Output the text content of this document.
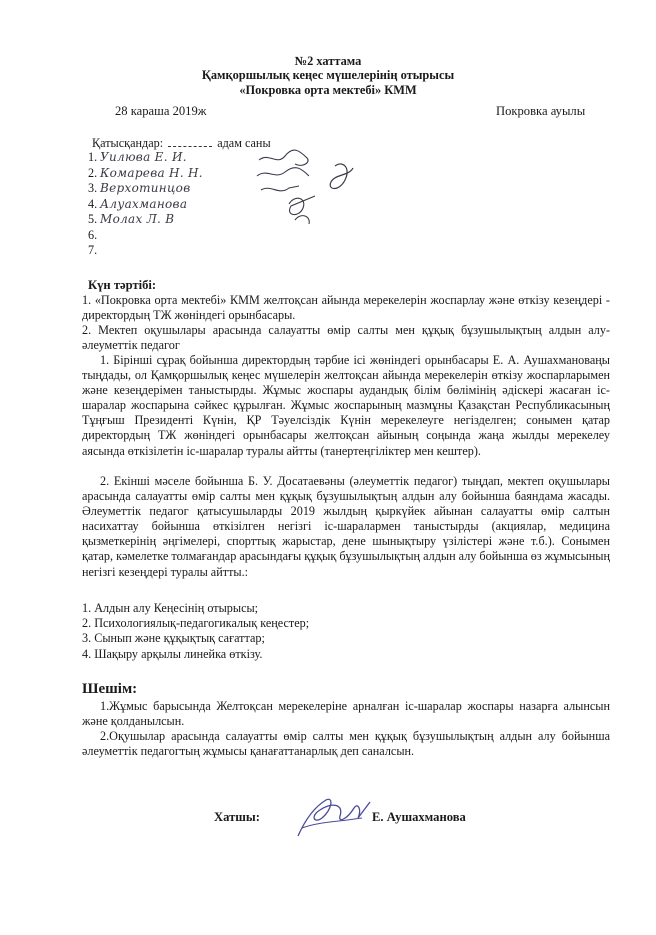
№2 хаттама
Қамқоршылық кеңес мүшелерінің отырысы
«Покровка орта мектебі» КММ
28 караша 2019ж	Покровка ауылы
Қатысқандар:	адам саны
1. Уилюва Е. И.
2. Комарева Н. Н.
3. Верхотинцов
4. Алуахманова
5. Молах Л. В
6.
7.
Күн тәртібі:

1. «Покровка орта мектебі» КММ желтоқсан айында мерекелерін жоспарлау және өткізу кезеңдері - директордың ТЖ жөніндегі орынбасары.

2. Мектеп оқушылары арасында салауатты өмір салты мен құқық бұзушылықтың алдын алу-әлеуметтік педагог

1. Бірінші сұрақ бойынша директордың тәрбие ісі жөніндегі орынбасары Е. А. Аушахмановаңы тыңдады, ол Қамқоршылық кеңес мүшелерін желтоқсан айында мерекелерін өткізу жоспарларымен және кезеңдерімен таныстырды. Жұмыс жоспары аудандық білім бөлімінің әдіскері жасаған іс-шаралар жоспарына сәйкес құрылған. Жұмыс жоспарының мазмұны Қазақстан Республикасының Тұңғыш Президенті Күнін, ҚР Тәуелсіздік Күнін мерекелеуге негізделген; сонымен қатар директордың ТЖ жөніндегі орынбасары желтоқсан айының соңында жаңа жылды мерекелеу аясында өткізілетін іс-шаралар туралы айтты (танертеңгіліктер мен кештер).

2. Екінші мәселе бойынша Б. У. Досатаевәны (әлеуметтік педагог) тыңдап, мектеп оқушылары арасында салауатты өмір салты мен құқық бұзушылықтың алдын алу бойынша баяндама жасады. Әлеуметтік педагог қатысушыларды 2019 жылдың қыркүйек айынан салауатты өмір салтын насихаттау бойынша өткізілген негізгі іс-шаралармен таныстырды (акциялар, медицина қызметкерінің әңгімелері, спорттық жарыстар, дене шынықтыру үзілістері және т.б.). Сонымен қатар, кәмелетке толмағандар арасындағы құқық бұзушылықтың алдын алу бойынша өз жұмысының негізгі кезеңдері туралы айтты.:

1. Алдын алу Кеңесінің отырысы;
2. Психологиялық-педагогикалық кеңестер;
3. Сынып және құқықтық сағаттар;
4. Шақыру арқылы линейка өткізу.
Шешім:

1.Жұмыс барысында Желтоқсан мерекелеріне арналған іс-шаралар жоспары назарға алынсын және қолданылсын.

2.Оқушылар арасында салауатты өмір салты мен құқық бұзушылықтың алдын алу бойынша әлеуметтік педагогтың жұмысы қанағаттанарлық деп саналсын.

Хатшы:	Е. Аушахманова
